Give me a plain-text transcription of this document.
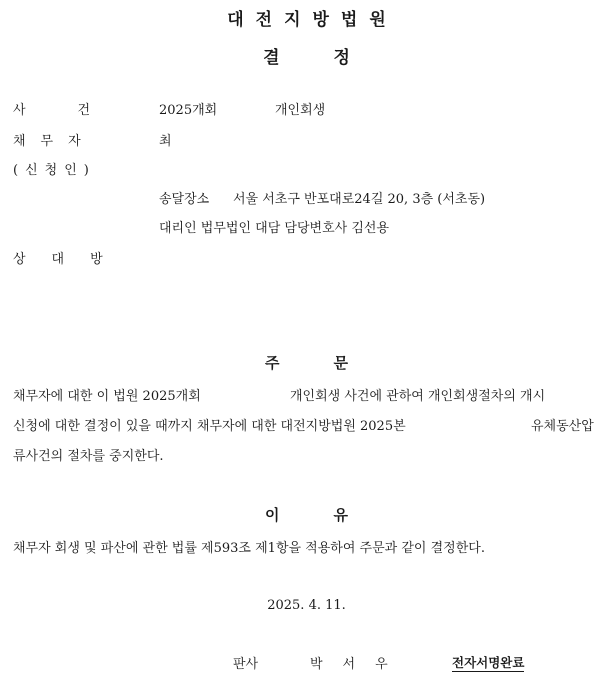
대전지방법원
결정
사건 2025개회	개인회생
채무자	최
(신청인)
송달장소 서울 서초구 반포대로24길 20, 3층 (서초동)
대리인 법무법인 대담 담당변호사 김선용
상대방
주문
채무자에 대한 이 법원 2025개회	개인회생 사건에 관하여 개인회생절차의 개시
신청에 대한 결정이 있을 때까지 채무자에 대한 대전지방법원 2025본	유체동산압
류사건의 절차를 중지한다.
이유
채무자 회생 및 파산에 관한 법률 제593조 제1항을 적용하여 주문과 같이 결정한다.
2025. 4. 11.
판사	박서우	전자서명완료
